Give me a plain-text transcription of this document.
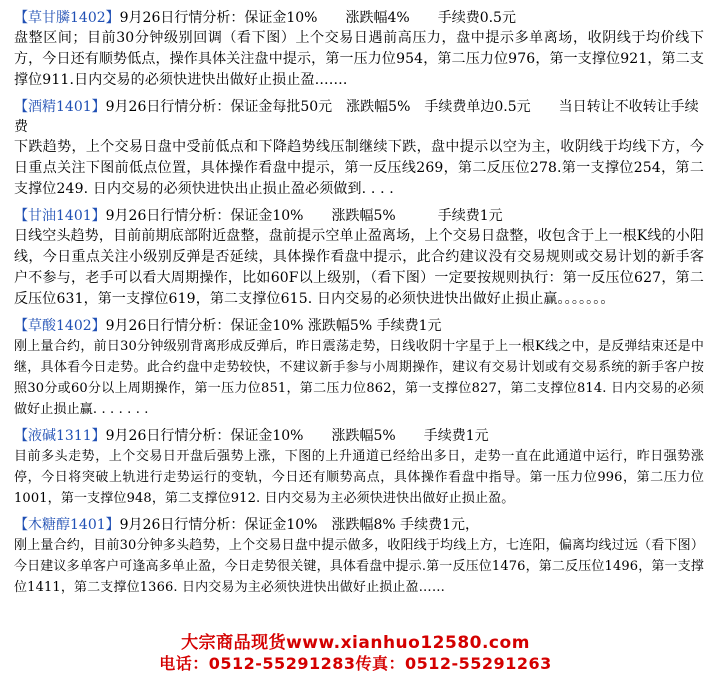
【草甘膦1402】9月26日行情分析：保证金10%　　涨跌幅4%　　手续费0.5元
盘整区间；目前30分钟级别回调（看下图）上个交易日遇前高压力，盘中提示多单离场，收阴线于均价线下方，今日还有顺势低点，操作具体关注盘中提示，第一压力位954，第二压力位976，第一支撑位921，第二支撑位911.日内交易的必须快进快出做好止损止盈…….
【酒精1401】9月26日行情分析：保证金每批50元　涨跌幅5%　手续费单边0.5元　　当日转让不收转让手续费
下跌趋势，上个交易日盘中受前低点和下降趋势线压制继续下跌，盘中提示以空为主，收阴线于均线下方，今日重点关注下图前低点位置，具体操作看盘中提示，第一反压线269，第二反压位278.第一支撑位254，第二支撑位249. 日内交易的必须快进快出止损止盈必须做到. . . .
【甘油1401】9月26日行情分析：保证金10%　　涨跌幅5%　　　手续费1元
日线空头趋势，目前前期底部附近盘整，盘前提示空单止盈离场，上个交易日盘整，收包含于上一根K线的小阳线，今日重点关注小级别反弹是否延续，具体操作看盘中提示，此合约建议没有交易规则或交易计划的新手客户不参与，老手可以看大周期操作，比如60F以上级别，（看下图）一定要按规则执行：第一反压位627，第二反压位631，第一支撑位619，第二支撑位615. 日内交易的必须快进快出做好止损止赢。。。。。。。
【草酸1402】9月26日行情分析：保证金10% 涨跌幅5% 手续费1元
刚上量合约，前日30分钟级别背离形成反弹后，昨日震荡走势，日线收阴十字星于上一根K线之中，是反弹结束还是中继，具体看今日走势。此合约盘中走势较快，不建议新手参与小周期操作，建议有交易计划或有交易系统的新手客户按照30分或60分以上周期操作，第一压力位851，第二压力位862，第一支撑位827，第二支撑位814. 日内交易的必须做好止损止赢. . . . . . .
【液碱1311】9月26日行情分析：保证金10%　　涨跌幅5%　　手续费1元
目前多头走势，上个交易日开盘后强势上涨，下图的上升通道已经给出多日，走势一直在此通道中运行，昨日强势涨停，今日将突破上轨进行走势运行的变轨，今日还有顺势高点，具体操作看盘中指导。第一压力位996，第二压力位1001，第一支撑位948，第二支撑位912. 日内交易为主必须快进快出做好止损止盈。
【木糖醇1401】9月26日行情分析：保证金10%　涨跌幅8% 手续费1元，
刚上量合约，目前30分钟多头趋势，上个交易日盘中提示做多，收阳线于均线上方，七连阳，偏离均线过远（看下图）今日建议多单客户可逢高多单止盈，今日走势很关键，具体看盘中提示.第一反压位1476，第二反压位1496，第一支撑位1411，第二支撑位1366. 日内交易为主必须快进快出做好止损止盈……
大宗商品现货www.xianhuo12580.com
电话：0512-55291283传真：0512-55291263
